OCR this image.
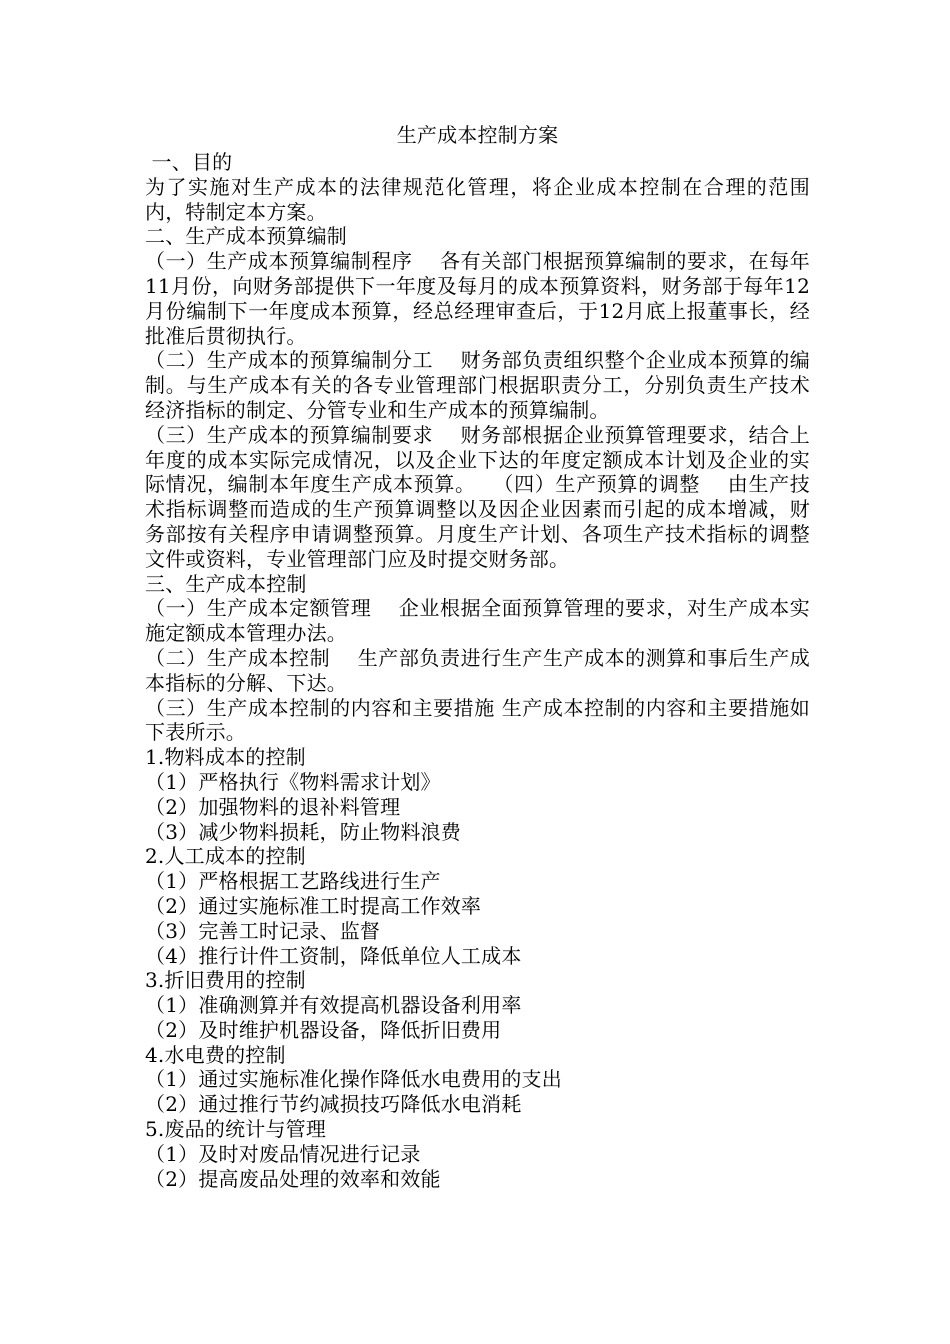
生产成本控制方案

一、目的

为了实施对生产成本的法律规范化管理，将企业成本控制在合理的范围内，特制定本方案。

二、生产成本预算编制

（一）生产成本预算编制程序　 各有关部门根据预算编制的要求，在每年11月份，向财务部提供下一年度及每月的成本预算资料，财务部于每年12月份编制下一年度成本预算，经总经理审查后，于12月底上报董事长，经批准后贯彻执行。

（二）生产成本的预算编制分工　 财务部负责组织整个企业成本预算的编制。与生产成本有关的各专业管理部门根据职责分工，分别负责生产技术经济指标的制定、分管专业和生产成本的预算编制。

（三）生产成本的预算编制要求　 财务部根据企业预算管理要求，结合上年度的成本实际完成情况，以及企业下达的年度定额成本计划及企业的实际情况，编制本年度生产成本预算。　 （四）生产预算的调整　 由生产技术指标调整而造成的生产预算调整以及因企业因素而引起的成本增减，财务部按有关程序申请调整预算。月度生产计划、各项生产技术指标的调整文件或资料，专业管理部门应及时提交财务部。

三、生产成本控制

（一）生产成本定额管理　 企业根据全面预算管理的要求，对生产成本实施定额成本管理办法。

（二）生产成本控制　 生产部负责进行生产生产成本的测算和事后生产成本指标的分解、下达。

（三）生产成本控制的内容和主要措施 生产成本控制的内容和主要措施如下表所示。

1.物料成本的控制

（1）严格执行《物料需求计划》

（2）加强物料的退补料管理

（3）减少物料损耗，防止物料浪费

2.人工成本的控制

（1）严格根据工艺路线进行生产

（2）通过实施标准工时提高工作效率

（3）完善工时记录、监督

（4）推行计件工资制，降低单位人工成本

3.折旧费用的控制

（1）准确测算并有效提高机器设备利用率

（2）及时维护机器设备，降低折旧费用

4.水电费的控制

（1）通过实施标准化操作降低水电费用的支出

（2）通过推行节约减损技巧降低水电消耗

5.废品的统计与管理

（1）及时对废品情况进行记录

（2）提高废品处理的效率和效能
